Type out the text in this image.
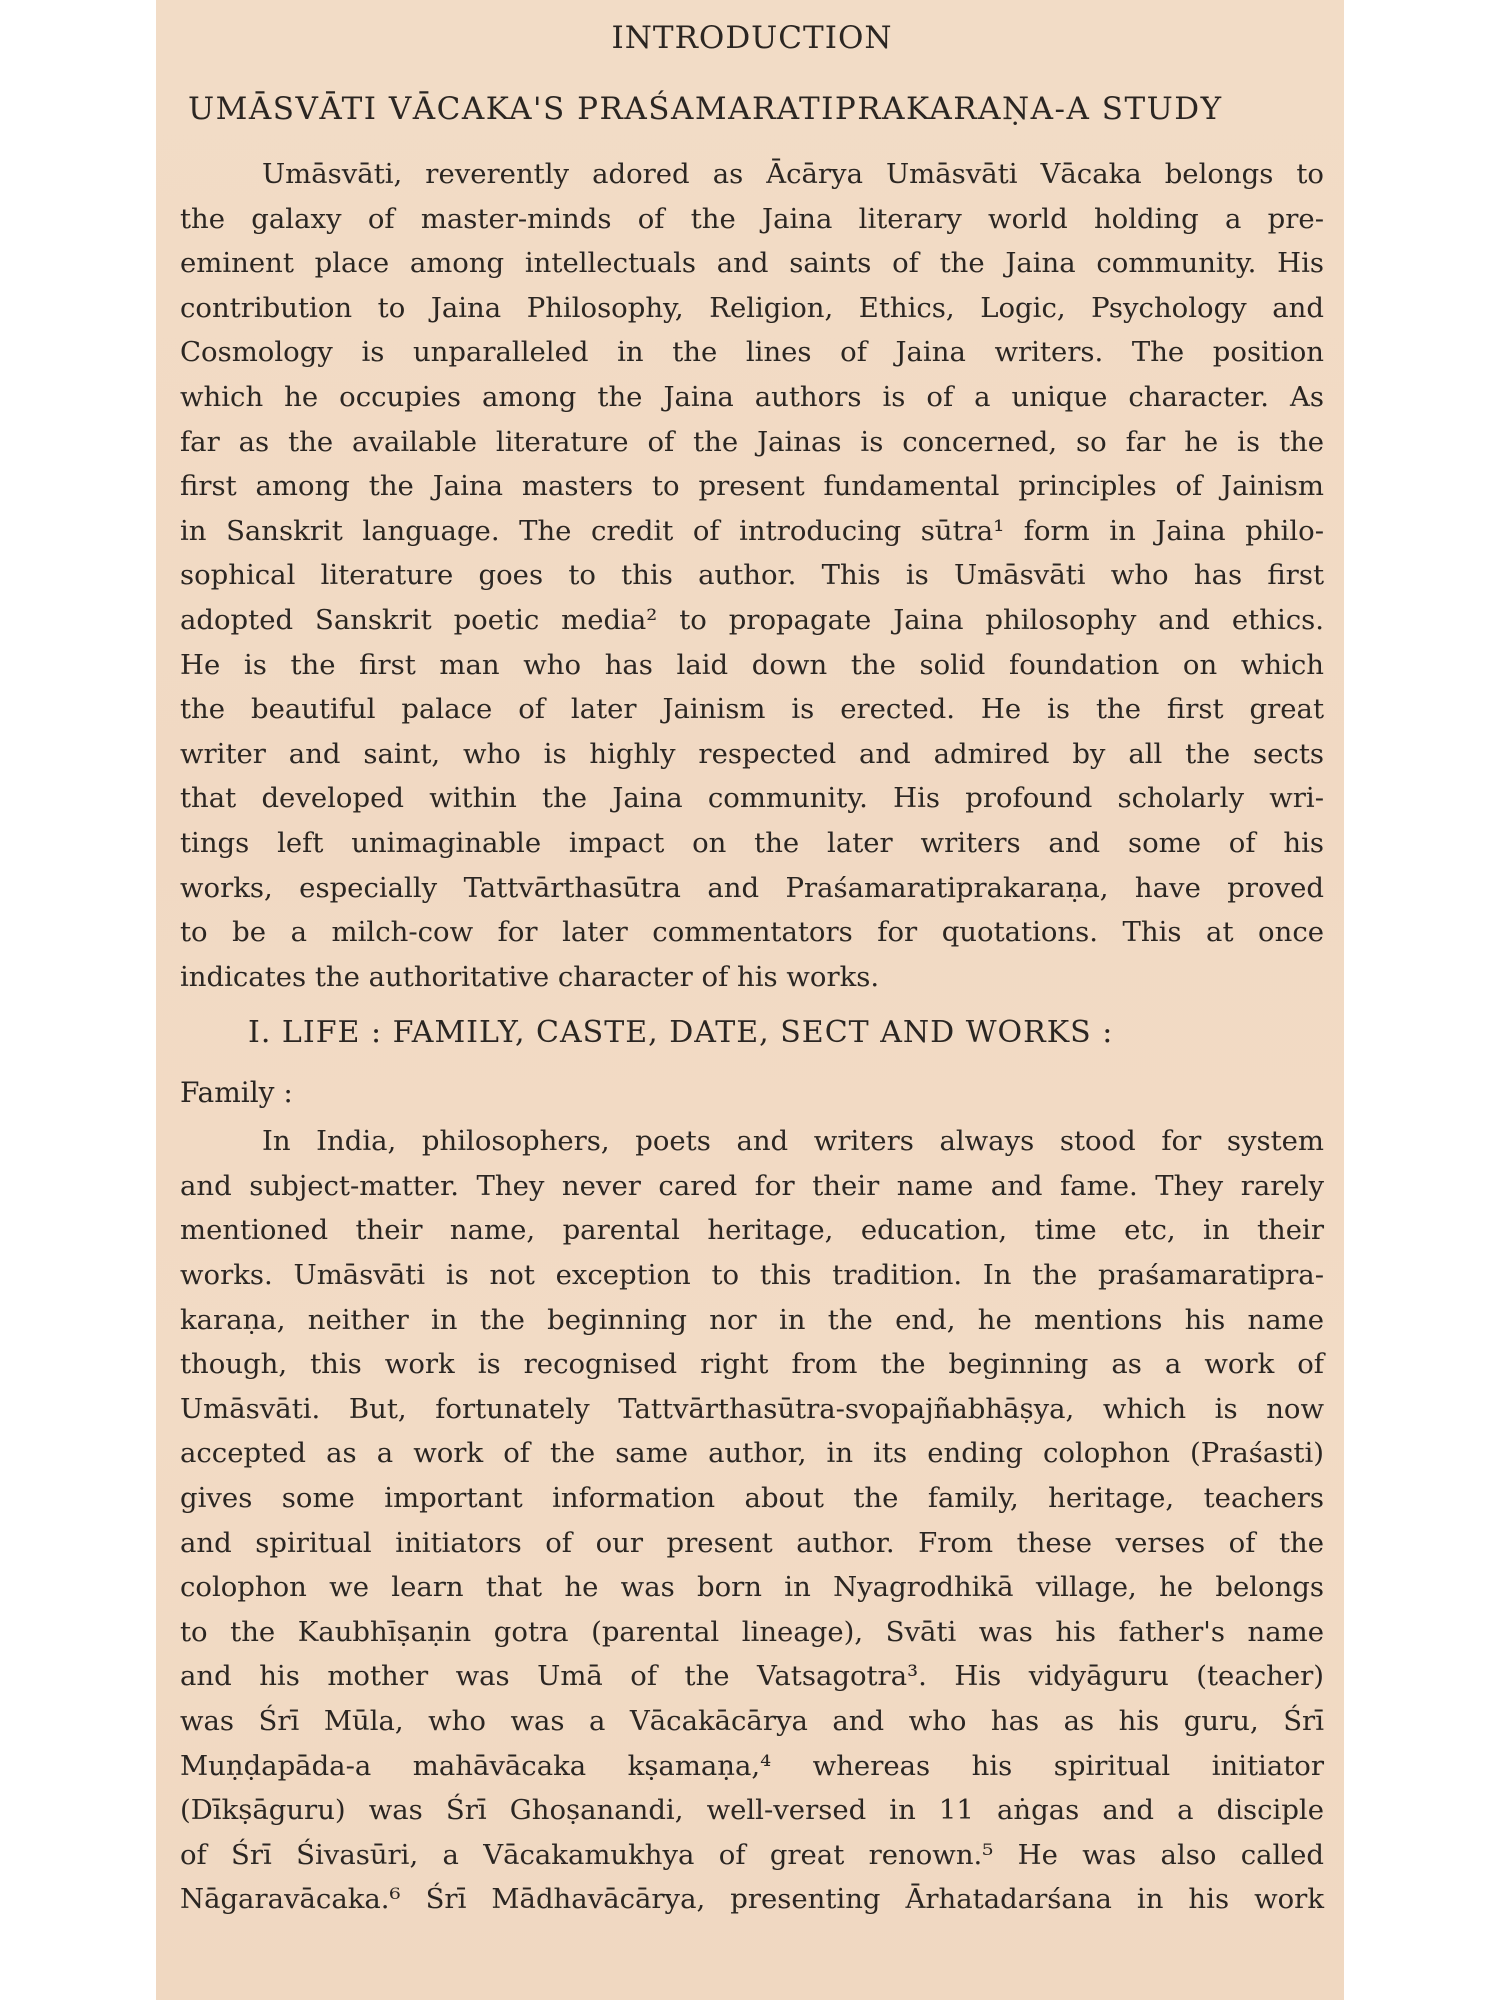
INTRODUCTION
UMĀSVĀTI VĀCAKA'S PRAŚAMARATIPRAKARAṆA-A STUDY
Umāsvāti, reverently adored as Ācārya Umāsvāti Vācaka belongs to
the galaxy of master-minds of the Jaina literary world holding a pre-
eminent place among intellectuals and saints of the Jaina community. His
contribution to Jaina Philosophy, Religion, Ethics, Logic, Psychology and
Cosmology is unparalleled in the lines of Jaina writers. The position
which he occupies among the Jaina authors is of a unique character. As
far as the available literature of the Jainas is concerned, so far he is the
first among the Jaina masters to present fundamental principles of Jainism
in Sanskrit language. The credit of introducing sūtra¹ form in Jaina philo-
sophical literature goes to this author. This is Umāsvāti who has first
adopted Sanskrit poetic media² to propagate Jaina philosophy and ethics.
He is the first man who has laid down the solid foundation on which
the beautiful palace of later Jainism is erected. He is the first great
writer and saint, who is highly respected and admired by all the sects
that developed within the Jaina community. His profound scholarly wri-
tings left unimaginable impact on the later writers and some of his
works, especially Tattvārthasūtra and Praśamaratiprakaraṇa, have proved
to be a milch-cow for later commentators for quotations. This at once
indicates the authoritative character of his works.
I. LIFE : FAMILY, CASTE, DATE, SECT AND WORKS :
Family :
In India, philosophers, poets and writers always stood for system
and subject-matter. They never cared for their name and fame. They rarely
mentioned their name, parental heritage, education, time etc, in their
works. Umāsvāti is not exception to this tradition. In the praśamaratipra-
karaṇa, neither in the beginning nor in the end, he mentions his name
though, this work is recognised right from the beginning as a work of
Umāsvāti. But, fortunately Tattvārthasūtra-svopajñabhāṣya, which is now
accepted as a work of the same author, in its ending colophon (Praśasti)
gives some important information about the family, heritage, teachers
and spiritual initiators of our present author. From these verses of the
colophon we learn that he was born in Nyagrodhikā village, he belongs
to the Kaubhīṣaṇin gotra (parental lineage), Svāti was his father's name
and his mother was Umā of the Vatsagotra³. His vidyāguru (teacher)
was Śrī Mūla, who was a Vācakācārya and who has as his guru, Śrī
Muṇḍapāda-a mahāvācaka kṣamaṇa,⁴ whereas his spiritual initiator
(Dīkṣāguru) was Śrī Ghoṣanandi, well-versed in 11 aṅgas and a disciple
of Śrī Śivasūri, a Vācakamukhya of great renown.⁵ He was also called
Nāgaravācaka.⁶ Śrī Mādhavācārya, presenting Ārhatadarśana in his work
